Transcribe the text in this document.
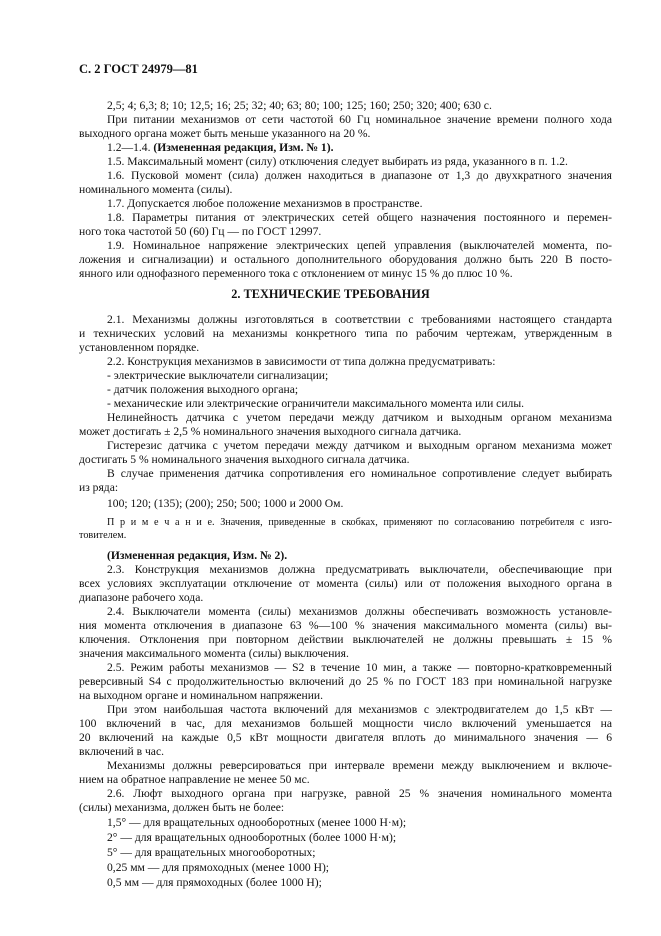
С. 2 ГОСТ 24979—81
2,5; 4; 6,3; 8; 10; 12,5; 16; 25; 32; 40; 63; 80; 100; 125; 160; 250; 320; 400; 630 с.
При питании механизмов от сети частотой 60 Гц номинальное значение времени полного хода
выходного органа может быть меньше указанного на 20 %.
1.2—1.4. (Измененная редакция, Изм. № 1).
1.5. Максимальный момент (силу) отключения следует выбирать из ряда, указанного в п. 1.2.
1.6. Пусковой момент (сила) должен находиться в диапазоне от 1,3 до двухкратного значения
номинального момента (силы).
1.7. Допускается любое положение механизмов в пространстве.
1.8. Параметры питания от электрических сетей общего назначения постоянного и перемен-
ного тока частотой 50 (60) Гц — по ГОСТ 12997.
1.9. Номинальное напряжение электрических цепей управления (выключателей момента, по-
ложения и сигнализации) и остального дополнительного оборудования должно быть 220 В посто-
янного или однофазного переменного тока с отклонением от минус 15 % до плюс 10 %.
2. ТЕХНИЧЕСКИЕ ТРЕБОВАНИЯ
2.1. Механизмы должны изготовляться в соответствии с требованиями настоящего стандарта
и технических условий на механизмы конкретного типа по рабочим чертежам, утвержденным в
установленном порядке.
2.2. Конструкция механизмов в зависимости от типа должна предусматривать:
- электрические выключатели сигнализации;
- датчик положения выходного органа;
- механические или электрические ограничители максимального момента или силы.
Нелинейность датчика с учетом передачи между датчиком и выходным органом механизма
может достигать ± 2,5 % номинального значения выходного сигнала датчика.
Гистерезис датчика с учетом передачи между датчиком и выходным органом механизма может
достигать 5 % номинального значения выходного сигнала датчика.
В случае применения датчика сопротивления его номинальное сопротивление следует выбирать
из ряда:
100; 120; (135); (200); 250; 500; 1000 и 2000 Ом.
П р и м е ч а н и е. Значения, приведенные в скобках, применяют по согласованию потребителя с изго-
товителем.
(Измененная редакция, Изм. № 2).
2.3. Конструкция механизмов должна предусматривать выключатели, обеспечивающие при
всех условиях эксплуатации отключение от момента (силы) или от положения выходного органа в
диапазоне рабочего хода.
2.4. Выключатели момента (силы) механизмов должны обеспечивать возможность установле-
ния момента отключения в диапазоне 63 %—100 % значения максимального момента (силы) вы-
ключения. Отклонения при повторном действии выключателей не должны превышать ± 15 %
значения максимального момента (силы) выключения.
2.5. Режим работы механизмов — S2 в течение 10 мин, а также — повторно-кратковременный
реверсивный S4 с продолжительностью включений до 25 % по ГОСТ 183 при номинальной нагрузке
на выходном органе и номинальном напряжении.
При этом наибольшая частота включений для механизмов с электродвигателем до 1,5 кВт —
100 включений в час, для механизмов большей мощности число включений уменьшается на
20 включений на каждые 0,5 кВт мощности двигателя вплоть до минимального значения — 6
включений в час.
Механизмы должны реверсироваться при интервале времени между выключением и включе-
нием на обратное направление не менее 50 мс.
2.6. Люфт выходного органа при нагрузке, равной 25 % значения номинального момента
(силы) механизма, должен быть не более:
1,5° — для вращательных однооборотных (менее 1000 Н·м);
2° — для вращательных однооборотных (более 1000 Н·м);
5° — для вращательных многооборотных;
0,25 мм — для прямоходных (менее 1000 Н);
0,5 мм — для прямоходных (более 1000 Н);
